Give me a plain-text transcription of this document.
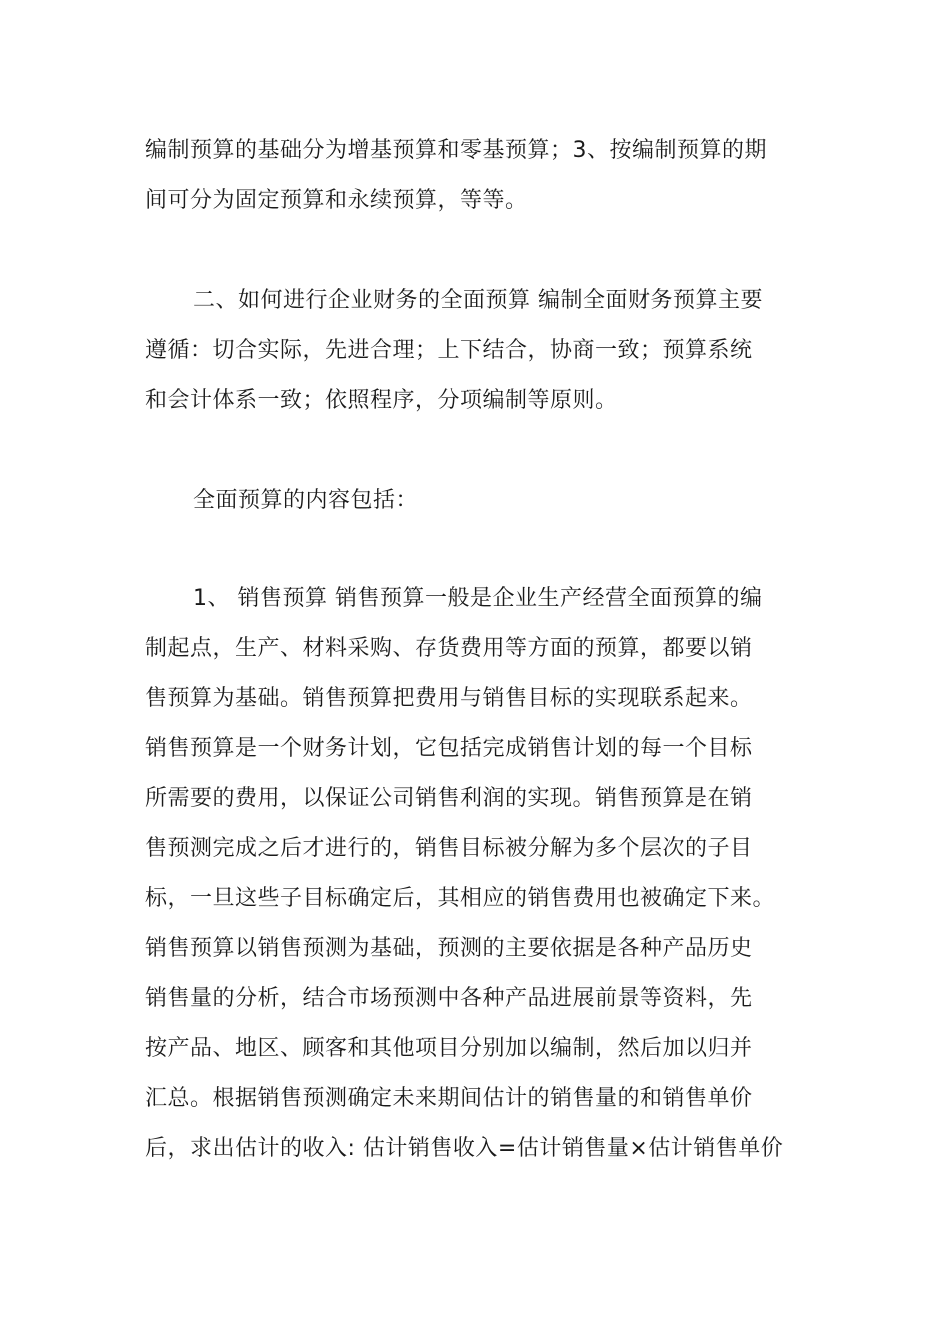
编制预算的基础分为增基预算和零基预算；3、按编制预算的期
间可分为固定预算和永续预算，等等。
二、如何进行企业财务的全面预算 编制全面财务预算主要
遵循：切合实际，先进合理；上下结合，协商一致；预算系统
和会计体系一致；依照程序，分项编制等原则。
全面预算的内容包括：
1、 销售预算 销售预算一般是企业生产经营全面预算的编
制起点，生产、材料采购、存货费用等方面的预算，都要以销
售预算为基础。销售预算把费用与销售目标的实现联系起来。
销售预算是一个财务计划，它包括完成销售计划的每一个目标
所需要的费用，以保证公司销售利润的实现。销售预算是在销
售预测完成之后才进行的，销售目标被分解为多个层次的子目
标，一旦这些子目标确定后，其相应的销售费用也被确定下来。
销售预算以销售预测为基础，预测的主要依据是各种产品历史
销售量的分析，结合市场预测中各种产品进展前景等资料，先
按产品、地区、顾客和其他项目分别加以编制，然后加以归并
汇总。根据销售预测确定未来期间估计的销售量的和销售单价
后，求出估计的收入: 估计销售收入=估计销售量×估计销售单价
